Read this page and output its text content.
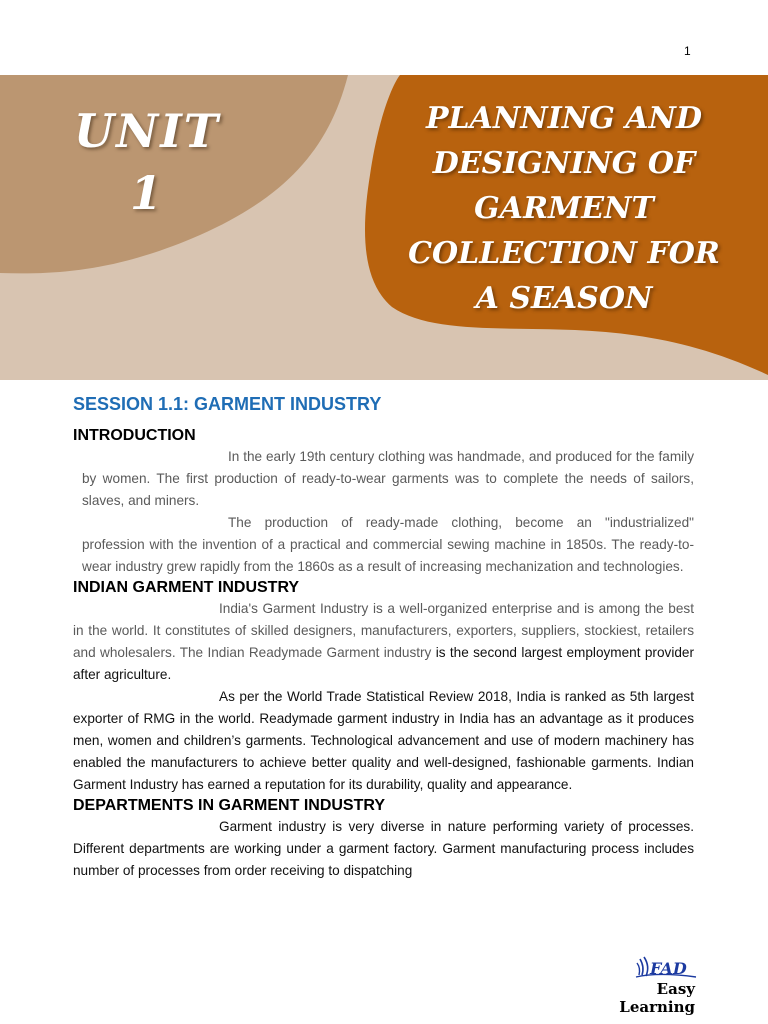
1
UNIT
1
PLANNING AND
DESIGNING OF
GARMENT
COLLECTION FOR
A SEASON
SESSION 1.1: GARMENT INDUSTRY
INTRODUCTION

In the early 19th century clothing was handmade, and produced for the family by women. The first production of ready-to-wear garments was to complete the needs of sailors, slaves, and miners.

The production of ready-made clothing, become an "industrialized" profession with the invention of a practical and commercial sewing machine in 1850s. The ready-to-wear industry grew rapidly from the 1860s as a result of increasing mechanization and technologies.

INDIAN GARMENT INDUSTRY

India's Garment Industry is a well-organized enterprise and is among the best in the world. It constitutes of skilled designers, manufacturers, exporters, suppliers, stockiest, retailers and wholesalers. The Indian Readymade Garment industry is the second largest employment provider after agriculture.

As per the World Trade Statistical Review 2018, India is ranked as 5th largest exporter of RMG in the world. Readymade garment industry in India has an advantage as it produces men, women and children’s garments. Technological advancement and use of modern machinery has enabled the manufacturers to achieve better quality and well-designed, fashionable garments. Indian Garment Industry has earned a reputation for its durability, quality and appearance.

DEPARTMENTS IN GARMENT INDUSTRY

Garment industry is very diverse in nature performing variety of processes. Different departments are working under a garment factory. Garment manufacturing process includes number of processes from order receiving to dispatching

FAD
Easy Learning
